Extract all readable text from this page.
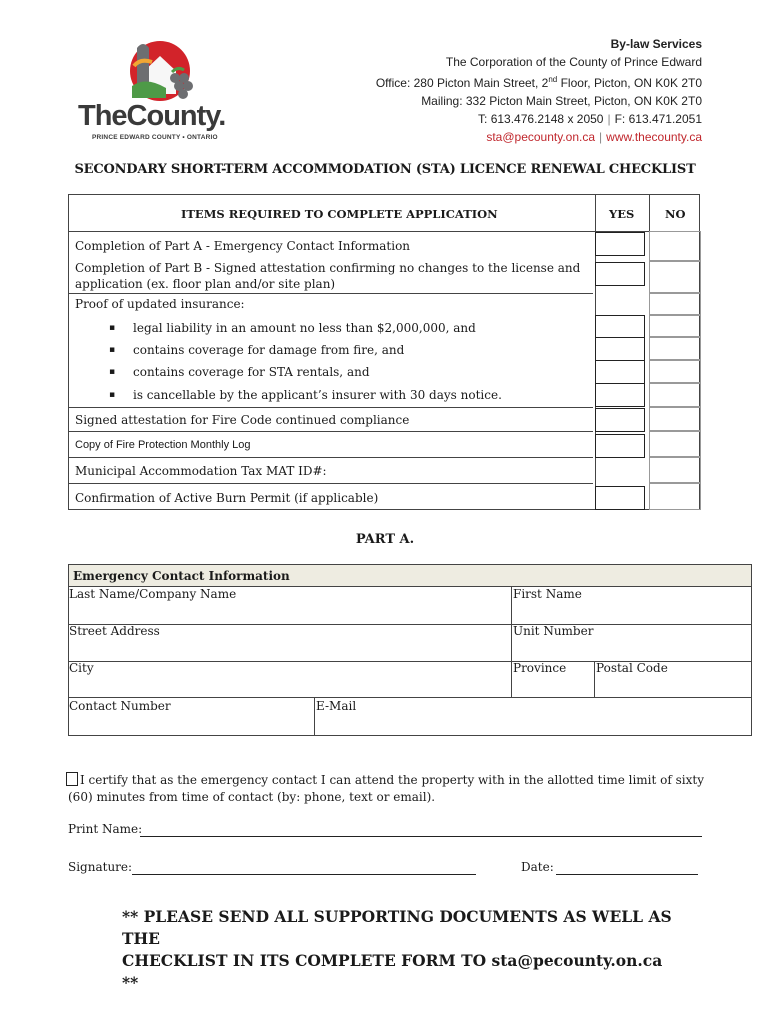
TheCounty.
PRINCE EDWARD COUNTY • ONTARIO
By-law Services
The Corporation of the County of Prince Edward
Office: 280 Picton Main Street, 2nd Floor, Picton, ON K0K 2T0
Mailing: 332 Picton Main Street, Picton, ON K0K 2T0
T: 613.476.2148 x 2050 | F: 613.471.2051
sta@pecounty.on.ca | www.thecounty.ca
SECONDARY SHORT-TERM ACCOMMODATION (STA) LICENCE RENEWAL CHECKLIST
ITEMS REQUIRED TO COMPLETE APPLICATION	YES	NO
Completion of Part A - Emergency Contact Information
Completion of Part B - Signed attestation confirming no changes to the license and
application (ex. floor plan and/or site plan)
Proof of updated insurance:
▪ legal liability in an amount no less than $2,000,000, and
▪ contains coverage for damage from fire, and
▪ contains coverage for STA rentals, and
▪ is cancellable by the applicant’s insurer with 30 days notice.
Signed attestation for Fire Code continued compliance
Copy of Fire Protection Monthly Log
Municipal Accommodation Tax MAT ID#:
Confirmation of Active Burn Permit (if applicable)
PART A.
Emergency Contact Information
Last Name/Company Name	First Name
Street Address	Unit Number
City	Province Postal Code
Contact Number	E-Mail
I certify that as the emergency contact I can attend the property with in the allotted time limit of sixty (60) minutes from time of contact (by: phone, text or email).
Print Name:
Signature:	Date:
** PLEASE SEND ALL SUPPORTING DOCUMENTS AS WELL AS THE
CHECKLIST IN ITS COMPLETE FORM TO sta@pecounty.on.ca **
